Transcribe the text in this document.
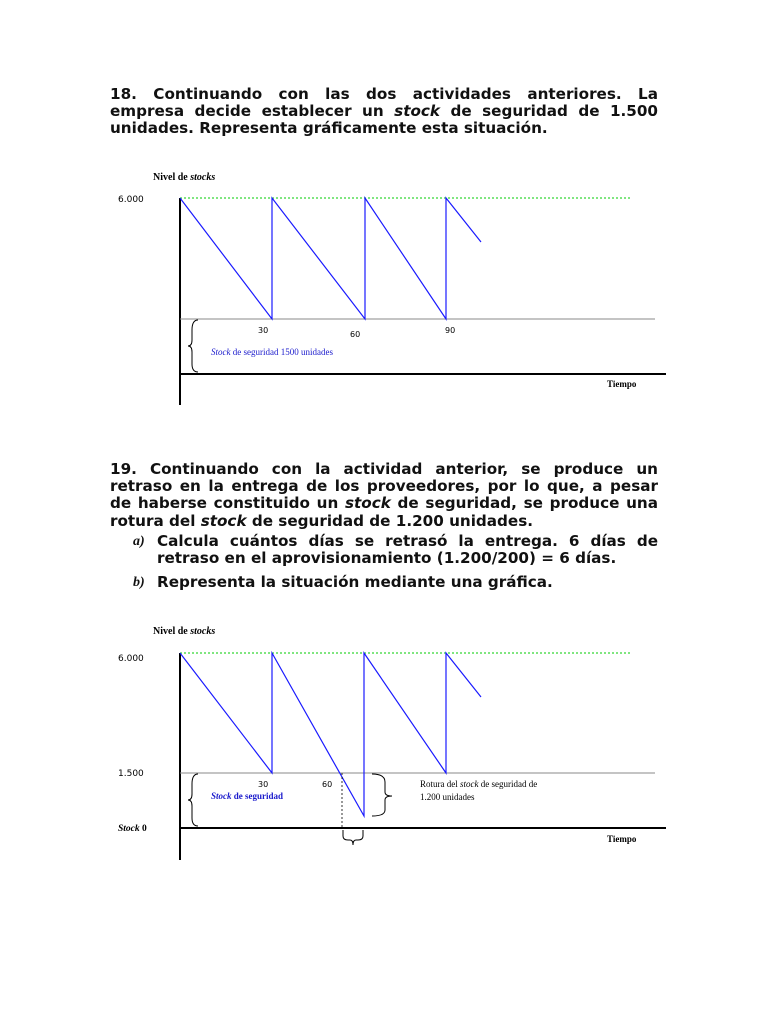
18. Continuando con las dos actividades anteriores. La empresa decide establecer un stock de seguridad de 1.500 unidades. Representa gráficamente esta situación.
Nivel de stocks
6.000
30	60	90
Stock de seguridad 1500 unidades
Tiempo
19. Continuando con la actividad anterior, se produce un retraso en la entrega de los proveedores, por lo que, a pesar de haberse constituido un stock de seguridad, se produce una rotura del stock de seguridad de 1.200 unidades.
a) Calcula cuántos días se retrasó la entrega. 6 días de retraso en el aprovisionamiento (1.200/200) = 6 días.
b) Representa la situación mediante una gráfica.
Nivel de stocks
6.000
1.500
Stock 0
30	60
Stock de seguridad
Rotura del stock de seguridad de
1.200 unidades
Tiempo
